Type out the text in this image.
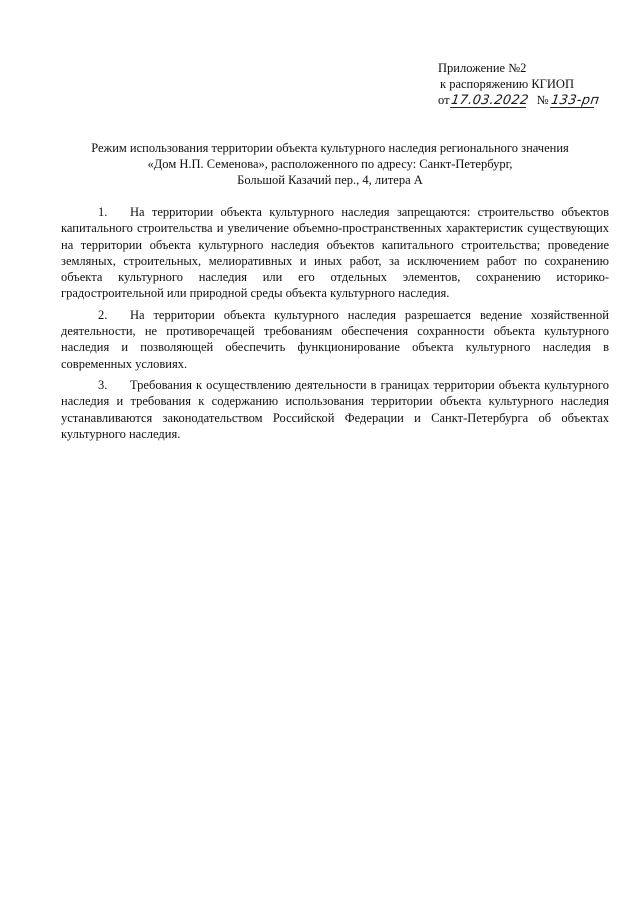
Приложение №2
к распоряжению КГИОП
от17.03.2022 №133-рп
Режим использования территории объекта культурного наследия регионального значения
«Дом Н.П. Семенова», расположенного по адресу: Санкт-Петербург,
Большой Казачий пер., 4, литера А

1. На территории объекта культурного наследия запрещаются: строительство объектов капитального строительства и увеличение объемно-пространственных характеристик существующих на территории объекта культурного наследия объектов капитального строительства; проведение земляных, строительных, мелиоративных и иных работ, за исключением работ по сохранению объекта культурного наследия или его отдельных элементов, сохранению историко-градостроительной или природной среды объекта культурного наследия.

2. На территории объекта культурного наследия разрешается ведение хозяйственной деятельности, не противоречащей требованиям обеспечения сохранности объекта культурного наследия и позволяющей обеспечить функционирование объекта культурного наследия в современных условиях.

3. Требования к осуществлению деятельности в границах территории объекта культурного наследия и требования к содержанию использования территории объекта культурного наследия устанавливаются законодательством Российской Федерации и Санкт-Петербурга об объектах культурного наследия.
